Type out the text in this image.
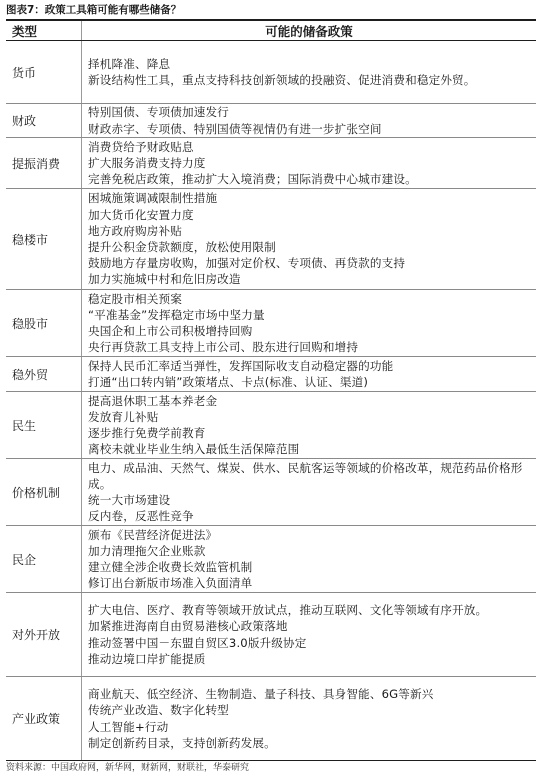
图表7：政策工具箱可能有哪些储备？
类型	可能的储备政策
货币
择机降准、降息
新设结构性工具，重点支持科技创新领域的投融资、促进消费和稳定外贸。
财政
特别国债、专项债加速发行
财政赤字、专项债、特别国债等视情仍有进一步扩张空间
提振消费
消费贷给予财政贴息
扩大服务消费支持力度
完善免税店政策，推动扩大入境消费；国际消费中心城市建设。
稳楼市
困城施策调减限制性措施
加大货币化安置力度
地方政府购房补贴
提升公积金贷款额度，放松使用限制
鼓励地方存量房收购，加强对定价权、专项债、再贷款的支持
加力实施城中村和危旧房改造
稳股市
稳定股市相关预案
“平准基金”发挥稳定市场中坚力量
央国企和上市公司积极增持回购
央行再贷款工具支持上市公司、股东进行回购和增持
稳外贸
保持人民币汇率适当弹性，发挥国际收支自动稳定器的功能
打通“出口转内销”政策堵点、卡点(标准、认证、渠道)
民生
提高退休职工基本养老金
发放育儿补贴
逐步推行免费学前教育
离校未就业毕业生纳入最低生活保障范围
价格机制
电力、成品油、天然气、煤炭、供水、民航客运等领域的价格改革，规范药品价格形成。
统一大市场建设
反内卷，反恶性竞争
民企
颁布《民营经济促进法》
加力清理拖欠企业账款
建立健全涉企收费长效监管机制
修订出台新版市场准入负面清单
对外开放
扩大电信、医疗、教育等领域开放试点，推动互联网、文化等领域有序开放。
加紧推进海南自由贸易港核心政策落地
推动签署中国－东盟自贸区3.0版升级协定
推动边境口岸扩能提质
产业政策
商业航天、低空经济、生物制造、量子科技、具身智能、6G等新兴
传统产业改造、数字化转型
人工智能+行动
制定创新药目录，支持创新药发展。
资料来源：中国政府网，新华网，财新网，财联社，华泰研究
